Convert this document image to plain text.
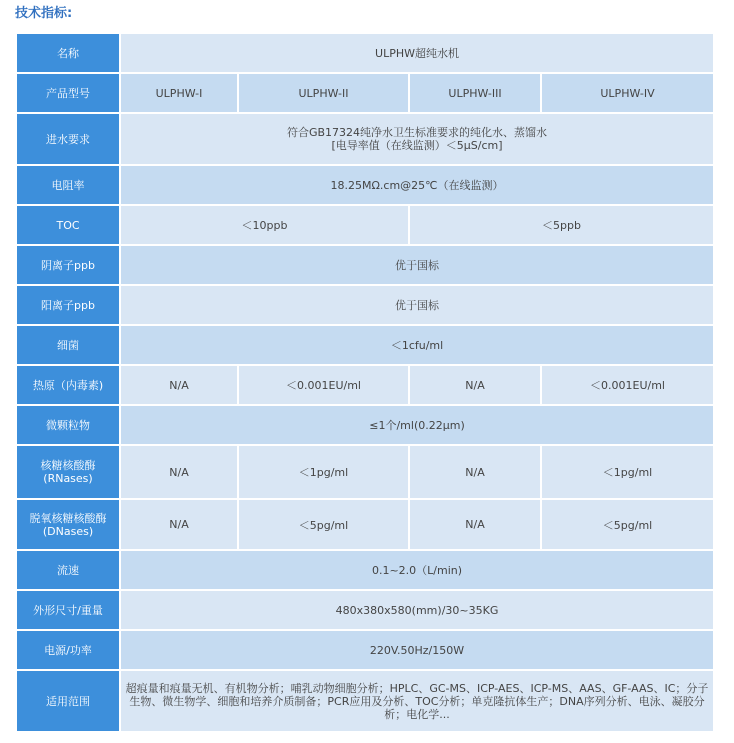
技术指标:
名称	ULPHW超纯水机			
产品型号	ULPHW-I	ULPHW-II	ULPHW-III	ULPHW-IV
进水要求	符合GB17324纯净水卫生标准要求的纯化水、蒸馏水
[电导率值（在线监测）＜5μS/cm]			

电阻率	18.25MΩ.cm@25℃（在线监测）			
TOC	＜10ppb		＜5ppb	
阴离子ppb	优于国标			
阳离子ppb	优于国标			
细菌	＜1cfu/ml			
热原（内毒素)	N/A	＜0.001EU/ml	N/A	＜0.001EU/ml
微颗粒物	≤1个/ml(0.22μm)			

核糖核酸酶
(RNases)	N/A	＜1pg/ml	N/A	＜1pg/ml

脱氧核糖核酸酶
(DNases)	N/A	＜5pg/ml	N/A	＜5pg/ml
流速	0.1~2.0（L/min)			
外形尺寸/重量	480x380x580(mm)/30~35KG			
电源/功率	220V.50Hz/150W			
适用范围	超痕量和痕量无机、有机物分析；哺乳动物细胞分析；HPLC、GC-MS、ICP-AES、ICP-MS、AAS、GF-AAS、IC；分子生物、微生物学、细胞和培养介质制备；PCR应用及分析、TOC分析；单克隆抗体生产；DNA序列分析、电泳、凝胶分析；电化学...			
